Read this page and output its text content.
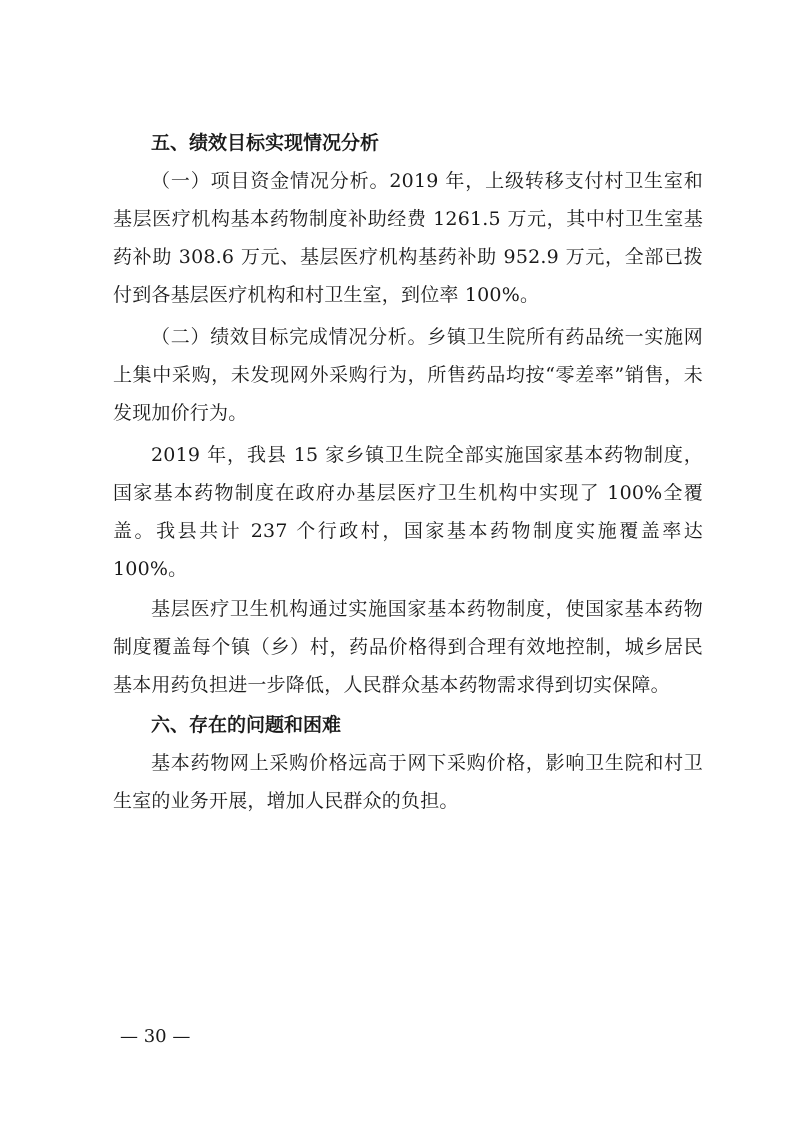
五、绩效目标实现情况分析

（一）项目资金情况分析。2019 年，上级转移支付村卫生室和基层医疗机构基本药物制度补助经费 1261.5 万元，其中村卫生室基药补助 308.6 万元、基层医疗机构基药补助 952.9 万元，全部已拨付到各基层医疗机构和村卫生室，到位率 100%。

（二）绩效目标完成情况分析。乡镇卫生院所有药品统一实施网上集中采购，未发现网外采购行为，所售药品均按“零差率”销售，未发现加价行为。

2019 年，我县 15 家乡镇卫生院全部实施国家基本药物制度，国家基本药物制度在政府办基层医疗卫生机构中实现了 100%全覆盖。我县共计 237 个行政村，国家基本药物制度实施覆盖率达100%。

基层医疗卫生机构通过实施国家基本药物制度，使国家基本药物制度覆盖每个镇（乡）村，药品价格得到合理有效地控制，城乡居民基本用药负担进一步降低，人民群众基本药物需求得到切实保障。

六、存在的问题和困难

基本药物网上采购价格远高于网下采购价格，影响卫生院和村卫生室的业务开展，增加人民群众的负担。

— 30 —
